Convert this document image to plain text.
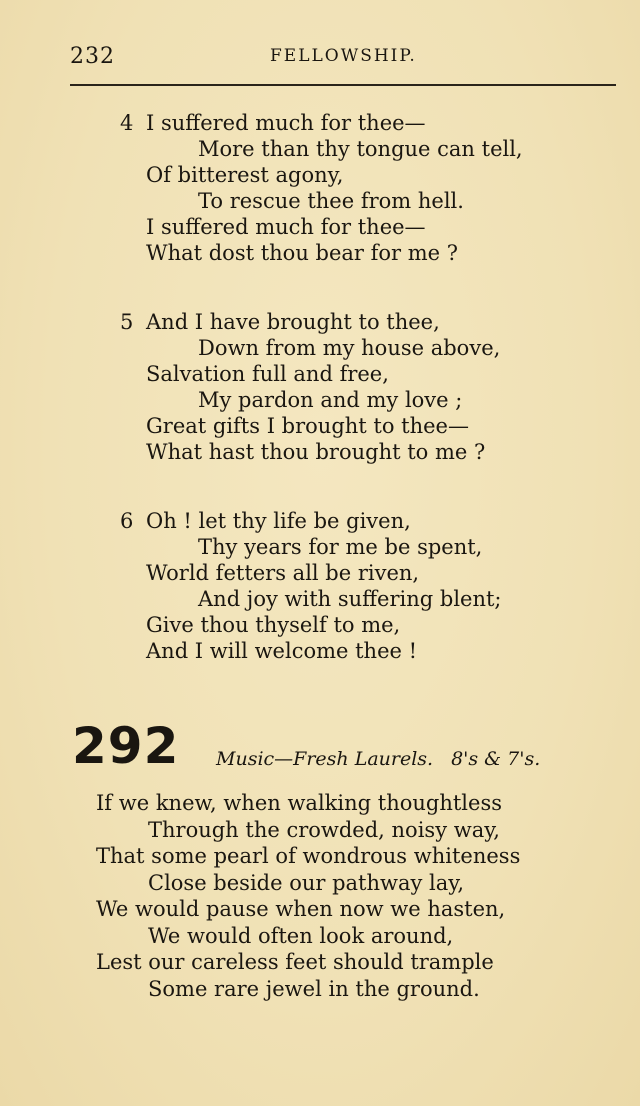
232	FELLOWSHIP.
4 I suffered much for thee—
More than thy tongue can tell,
Of bitterest agony,
To rescue thee from hell.
I suffered much for thee—
What dost thou bear for me ?
5 And I have brought to thee,
Down from my house above,
Salvation full and free,
My pardon and my love ;
Great gifts I brought to thee—
What hast thou brought to me ?
6 Oh ! let thy life be given,
Thy years for me be spent,
World fetters all be riven,
And joy with suffering blent;
Give thou thyself to me,
And I will welcome thee !
292 Music—Fresh Laurels. 8's & 7's.
If we knew, when walking thoughtless
Through the crowded, noisy way,
That some pearl of wondrous whiteness
Close beside our pathway lay,
We would pause when now we hasten,
We would often look around,
Lest our careless feet should trample
Some rare jewel in the ground.
